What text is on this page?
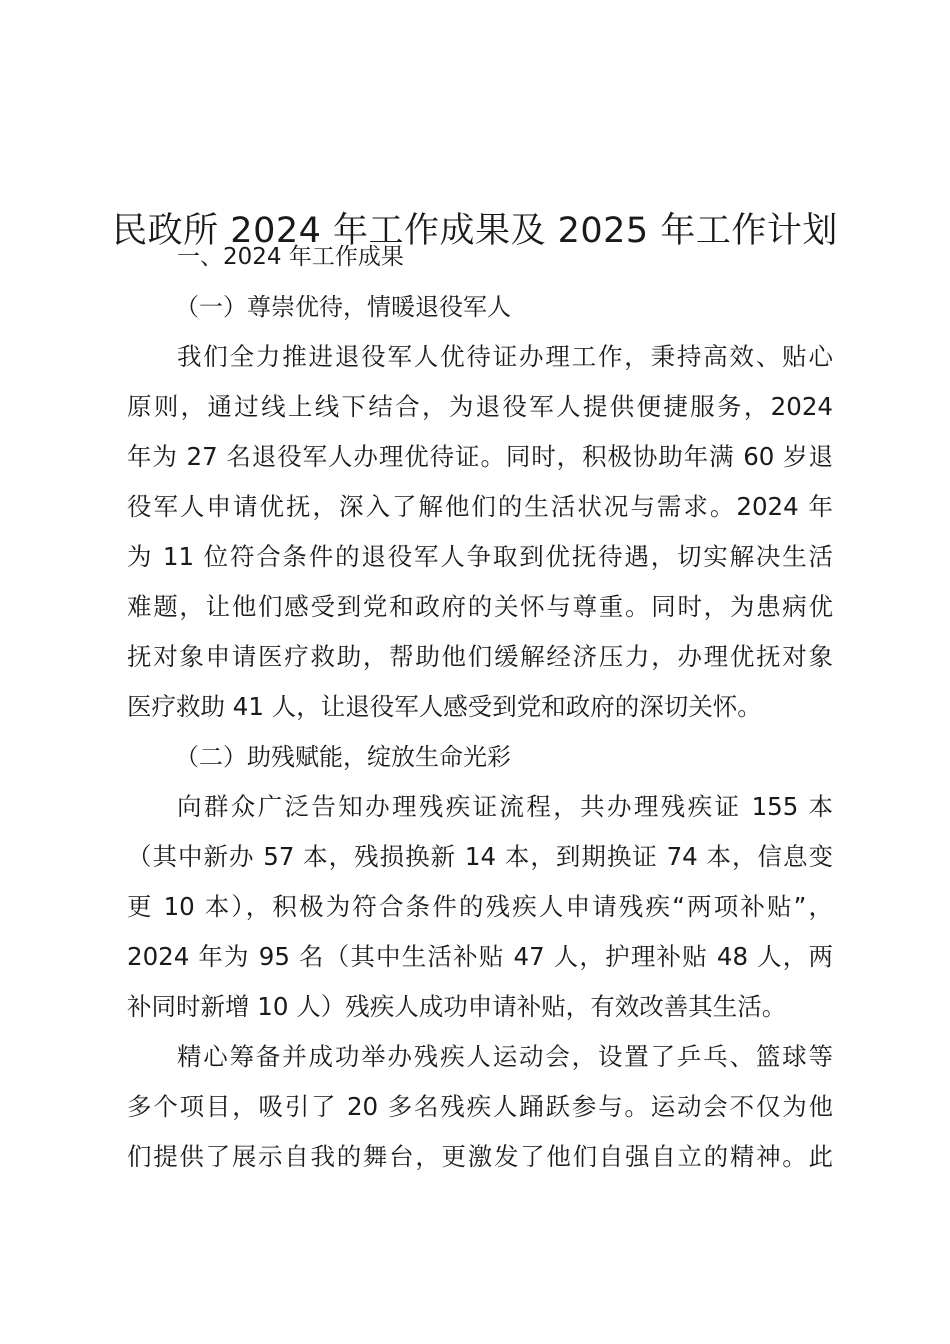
民政所 2024 年工作成果及 2025 年工作计划

一、2024 年工作成果

（一）尊崇优待，情暖退役军人

我们全力推进退役军人优待证办理工作，秉持高效、贴心
原则，通过线上线下结合，为退役军人提供便捷服务，2024
年为 27 名退役军人办理优待证。同时，积极协助年满 60 岁退
役军人申请优抚，深入了解他们的生活状况与需求。2024 年
为 11 位符合条件的退役军人争取到优抚待遇，切实解决生活
难题，让他们感受到党和政府的关怀与尊重。同时，为患病优
抚对象申请医疗救助，帮助他们缓解经济压力，办理优抚对象
医疗救助 41 人，让退役军人感受到党和政府的深切关怀。

（二）助残赋能，绽放生命光彩

向群众广泛告知办理残疾证流程，共办理残疾证 155 本
（其中新办 57 本，残损换新 14 本，到期换证 74 本，信息变
更 10 本），积极为符合条件的残疾人申请残疾“两项补贴”，
2024 年为 95 名（其中生活补贴 47 人，护理补贴 48 人，两
补同时新增 10 人）残疾人成功申请补贴，有效改善其生活。

精心筹备并成功举办残疾人运动会，设置了乒乓、篮球等
多个项目，吸引了 20 多名残疾人踊跃参与。运动会不仅为他
们提供了展示自我的舞台，更激发了他们自强自立的精神。此
